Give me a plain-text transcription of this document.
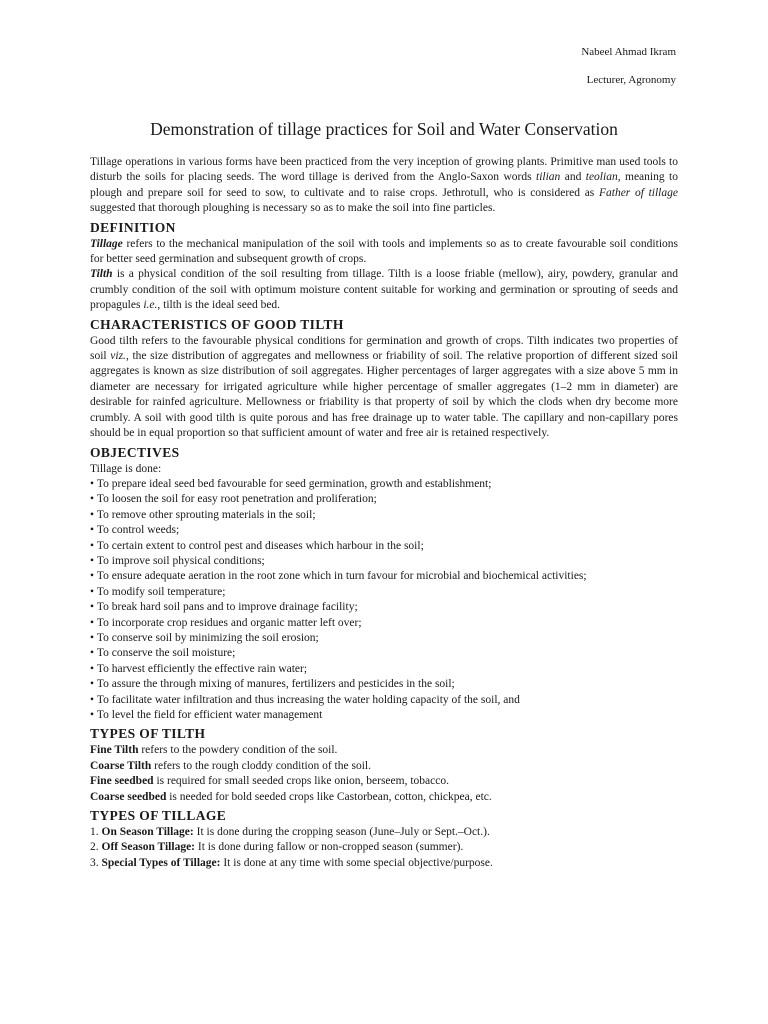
Nabeel Ahmad Ikram
Lecturer, Agronomy
Demonstration of tillage practices for Soil and Water Conservation

Tillage operations in various forms have been practiced from the very inception of growing plants. Primitive man used tools to disturb the soils for placing seeds. The word tillage is derived from the Anglo-Saxon words tilian and teolian, meaning to plough and prepare soil for seed to sow, to cultivate and to raise crops. Jethrotull, who is considered as Father of tillage suggested that thorough ploughing is necessary so as to make the soil into fine particles.

DEFINITION

Tillage refers to the mechanical manipulation of the soil with tools and implements so as to create favourable soil conditions for better seed germination and subsequent growth of crops.

Tilth is a physical condition of the soil resulting from tillage. Tilth is a loose friable (mellow), airy, powdery, granular and crumbly condition of the soil with optimum moisture content suitable for working and germination or sprouting of seeds and propagules i.e., tilth is the ideal seed bed.

CHARACTERISTICS OF GOOD TILTH

Good tilth refers to the favourable physical conditions for germination and growth of crops. Tilth indicates two properties of soil viz., the size distribution of aggregates and mellowness or friability of soil. The relative proportion of different sized soil aggregates is known as size distribution of soil aggregates. Higher percentages of larger aggregates with a size above 5 mm in diameter are necessary for irrigated agriculture while higher percentage of smaller aggregates (1–2 mm in diameter) are desirable for rainfed agriculture. Mellowness or friability is that property of soil by which the clods when dry become more crumbly. A soil with good tilth is quite porous and has free drainage up to water table. The capillary and non-capillary pores should be in equal proportion so that sufficient amount of water and free air is retained respectively.

OBJECTIVES

Tillage is done:

• To prepare ideal seed bed favourable for seed germination, growth and establishment;
• To loosen the soil for easy root penetration and proliferation;
• To remove other sprouting materials in the soil;
• To control weeds;
• To certain extent to control pest and diseases which harbour in the soil;
• To improve soil physical conditions;
• To ensure adequate aeration in the root zone which in turn favour for microbial and biochemical activities;
• To modify soil temperature;
• To break hard soil pans and to improve drainage facility;
• To incorporate crop residues and organic matter left over;
• To conserve soil by minimizing the soil erosion;
• To conserve the soil moisture;
• To harvest efficiently the effective rain water;
• To assure the through mixing of manures, fertilizers and pesticides in the soil;
• To facilitate water infiltration and thus increasing the water holding capacity of the soil, and
• To level the field for efficient water management
TYPES OF TILTH

Fine Tilth refers to the powdery condition of the soil.

Coarse Tilth refers to the rough cloddy condition of the soil.

Fine seedbed is required for small seeded crops like onion, berseem, tobacco.

Coarse seedbed is needed for bold seeded crops like Castorbean, cotton, chickpea, etc.

TYPES OF TILLAGE
1. On Season Tillage: It is done during the cropping season (June–July or Sept.–Oct.).
2. Off Season Tillage: It is done during fallow or non-cropped season (summer).
3. Special Types of Tillage: It is done at any time with some special objective/purpose.
